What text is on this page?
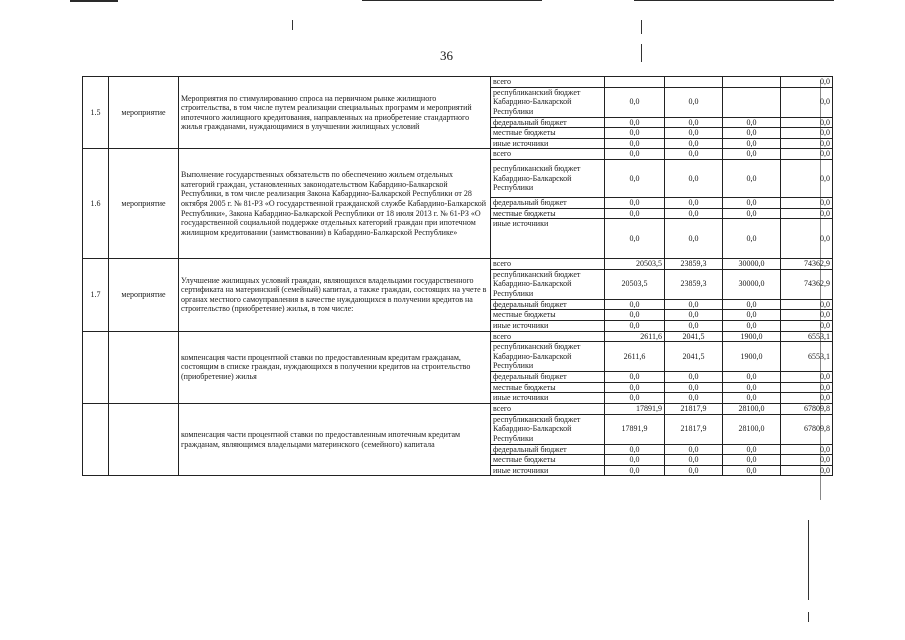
36
1.5	мероприятие	Мероприятия по стимулированию спроса на первичном рынке жилищного строительства, в том числе путем реализации специальных программ и мероприятий ипотечного жилищного кредитования, направленных на приобретение стандартного жилья гражданами, нуждающимися в улучшении жилищных условий	всего				0,0
			республиканский бюджет Кабардино-Балкарской Республики	0,0	0,0		0,0
			федеральный бюджет	0,0	0,0	0,0	0,0
			местные бюджеты	0,0	0,0	0,0	0,0
			иные источники	0,0	0,0	0,0	0,0
1.6	мероприятие	Выполнение государственных обязательств по обеспечению жильем отдельных категорий граждан, установленных законодательством Кабардино-Балкарской Республики, в том числе реализация Закона Кабардино-Балкарской Республики от 28 октября 2005 г. № 81-РЗ «О государственной гражданской службе Кабардино-Балкарской Республики», Закона Кабардино-Балкарской Республики от 18 июля 2013 г. № 61-РЗ «О государственной социальной поддержке отдельных категорий граждан при ипотечном жилищном кредитовании (заимствовании) в Кабардино-Балкарской Республике»	всего	0,0	0,0	0,0	0,0
			республиканский бюджет Кабардино-Балкарской Республики	0,0	0,0	0,0	0,0
			федеральный бюджет	0,0	0,0	0,0	0,0
			местные бюджеты	0,0	0,0	0,0	0,0
			иные источники	0,0	0,0	0,0	0,0
1.7	мероприятие	Улучшение жилищных условий граждан, являющихся владельцами государственного сертификата на материнский (семейный) капитал, а также граждан, состоящих на учете в органах местного самоуправления в качестве нуждающихся в получении кредитов на строительство (приобретение) жилья, в том числе:	всего	20503,5	23859,3	30000,0	74362,9
			республиканский бюджет Кабардино-Балкарской Республики	20503,5	23859,3	30000,0	74362,9
			федеральный бюджет	0,0	0,0	0,0	0,0
			местные бюджеты	0,0	0,0	0,0	0,0
			иные источники	0,0	0,0	0,0	0,0
		компенсация части процентной ставки по предоставленным кредитам гражданам, состоящим в списке граждан, нуждающихся в получении кредитов на строительство (приобретение) жилья	всего	2611,6	2041,5	1900,0	6553,1
			республиканский бюджет Кабардино-Балкарской Республики	2611,6	2041,5	1900,0	6553,1
			федеральный бюджет	0,0	0,0	0,0	0,0
			местные бюджеты	0,0	0,0	0,0	0,0
			иные источники	0,0	0,0	0,0	0,0
		компенсация части процентной ставки по предоставленным ипотечным кредитам гражданам, являющимся владельцами материнского (семейного) капитала	всего	17891,9	21817,9	28100,0	67809,8
			республиканский бюджет Кабардино-Балкарской Республики	17891,9	21817,9	28100,0	67809,8
			федеральный бюджет	0,0	0,0	0,0	0,0
			местные бюджеты	0,0	0,0	0,0	0,0
			иные источники	0,0	0,0	0,0	0,0
